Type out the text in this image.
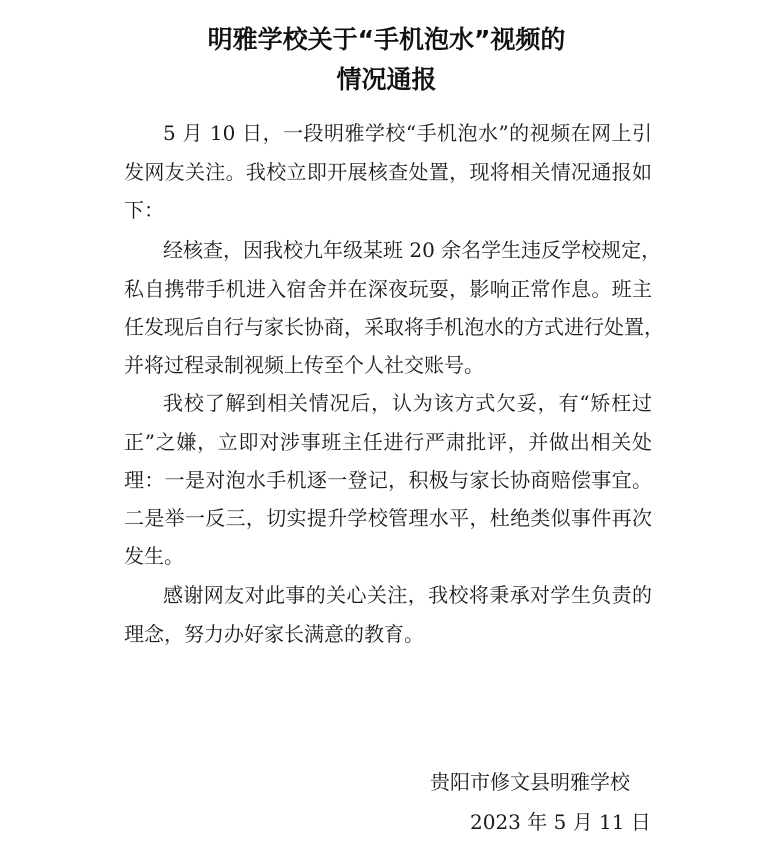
明雅学校关于“手机泡水”视频的
情况通报
5 月 10 日，一段明雅学校“手机泡水”的视频在网上引
发网友关注。我校立即开展核查处置，现将相关情况通报如
下：
经核查，因我校九年级某班 20 余名学生违反学校规定，
私自携带手机进入宿舍并在深夜玩耍，影响正常作息。班主
任发现后自行与家长协商，采取将手机泡水的方式进行处置，
并将过程录制视频上传至个人社交账号。
我校了解到相关情况后，认为该方式欠妥，有“矫枉过
正”之嫌，立即对涉事班主任进行严肃批评，并做出相关处
理：一是对泡水手机逐一登记，积极与家长协商赔偿事宜。
二是举一反三，切实提升学校管理水平，杜绝类似事件再次
发生。
感谢网友对此事的关心关注，我校将秉承对学生负责的
理念，努力办好家长满意的教育。
贵阳市修文县明雅学校
2023 年 5 月 11 日
